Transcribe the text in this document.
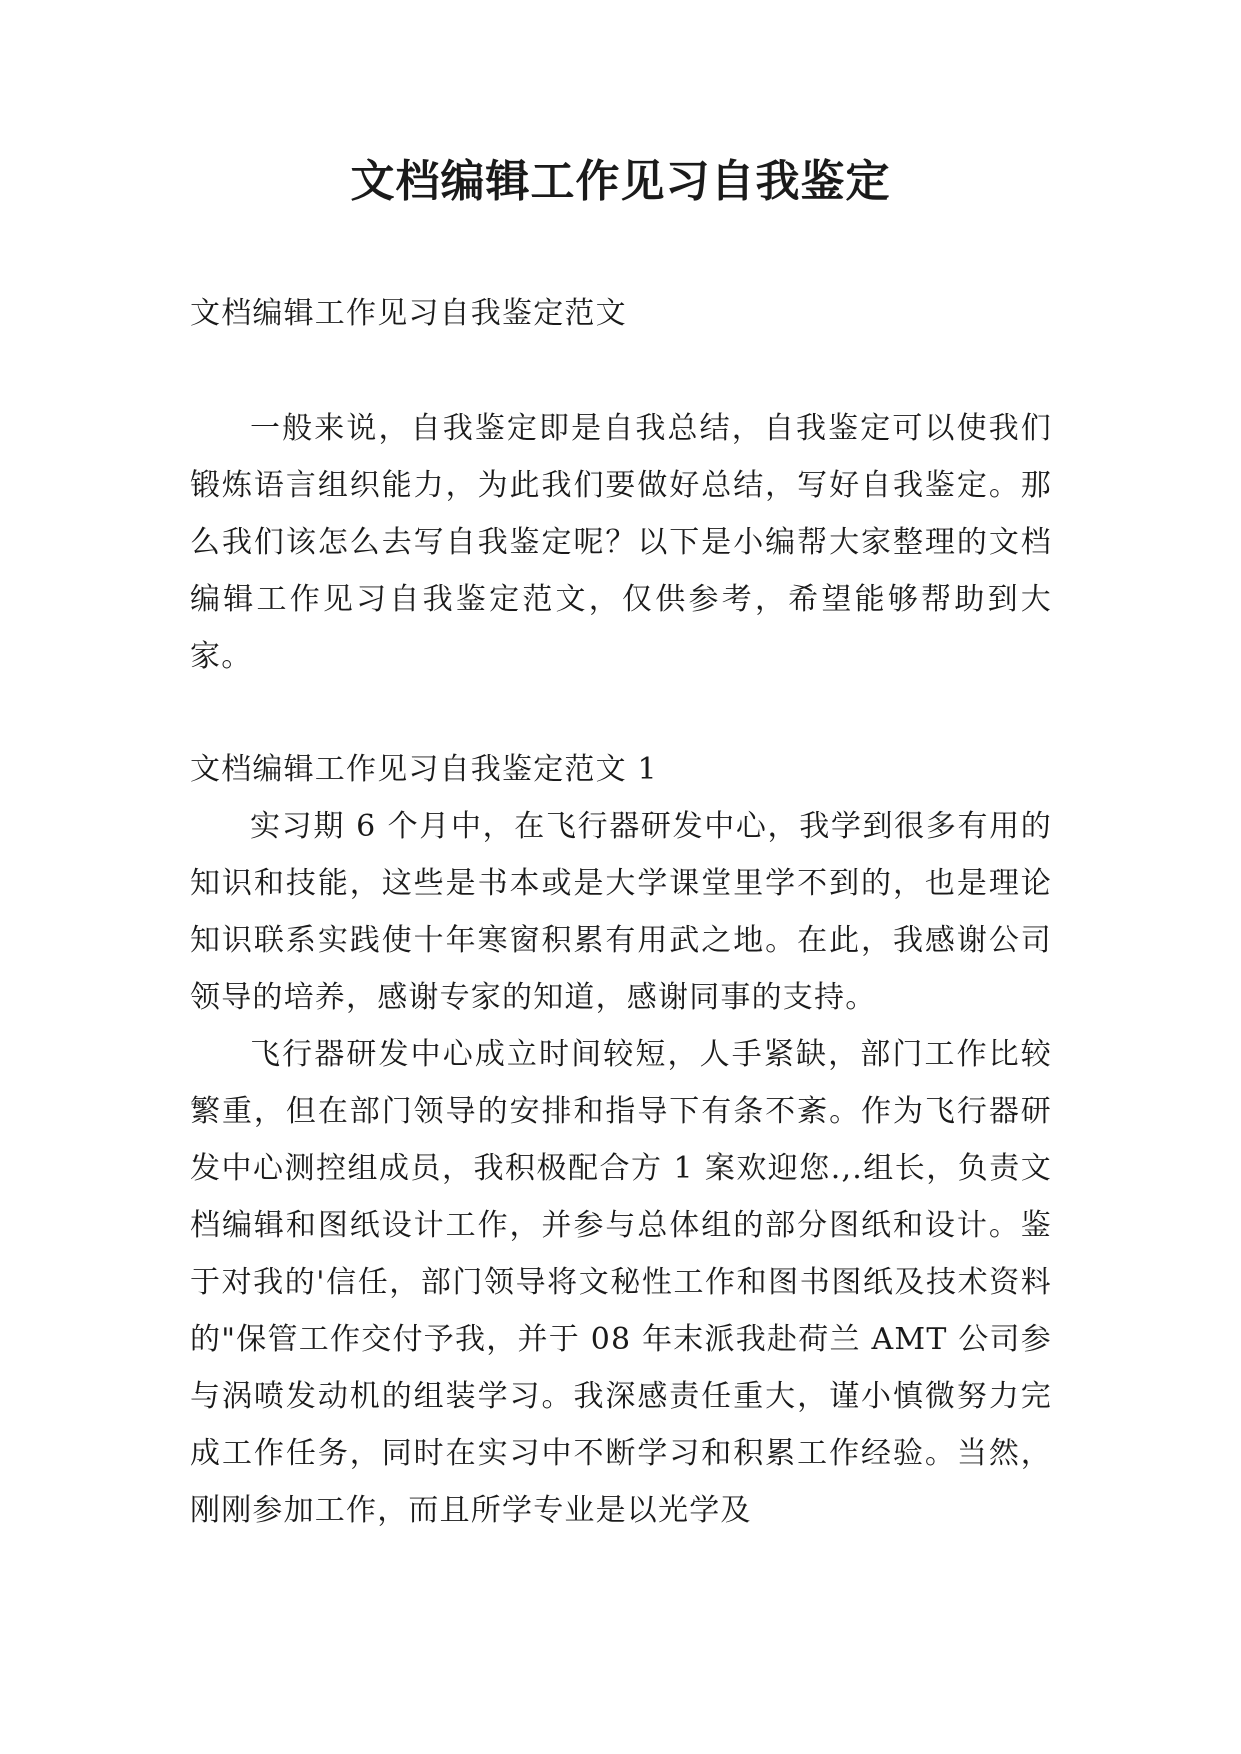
文档编辑工作见习自我鉴定

文档编辑工作见习自我鉴定范文

一般来说，自我鉴定即是自我总结，自我鉴定可以使我们锻炼语言组织能力，为此我们要做好总结，写好自我鉴定。那么我们该怎么去写自我鉴定呢？以下是小编帮大家整理的文档编辑工作见习自我鉴定范文，仅供参考，希望能够帮助到大家。

文档编辑工作见习自我鉴定范文 1

实习期 6 个月中，在飞行器研发中心，我学到很多有用的知识和技能，这些是书本或是大学课堂里学不到的，也是理论知识联系实践使十年寒窗积累有用武之地。在此，我感谢公司领导的培养，感谢专家的知道，感谢同事的支持。

飞行器研发中心成立时间较短，人手紧缺，部门工作比较繁重，但在部门领导的安排和指导下有条不紊。作为飞行器研发中心测控组成员，我积极配合方 1 案欢迎您.,.组长，负责文档编辑和图纸设计工作，并参与总体组的部分图纸和设计。鉴于对我的'信任，部门领导将文秘性工作和图书图纸及技术资料的"保管工作交付予我，并于 08 年末派我赴荷兰 AMT 公司参与涡喷发动机的组装学习。我深感责任重大，谨小慎微努力完成工作任务，同时在实习中不断学习和积累工作经验。当然，刚刚参加工作，而且所学专业是以光学及
